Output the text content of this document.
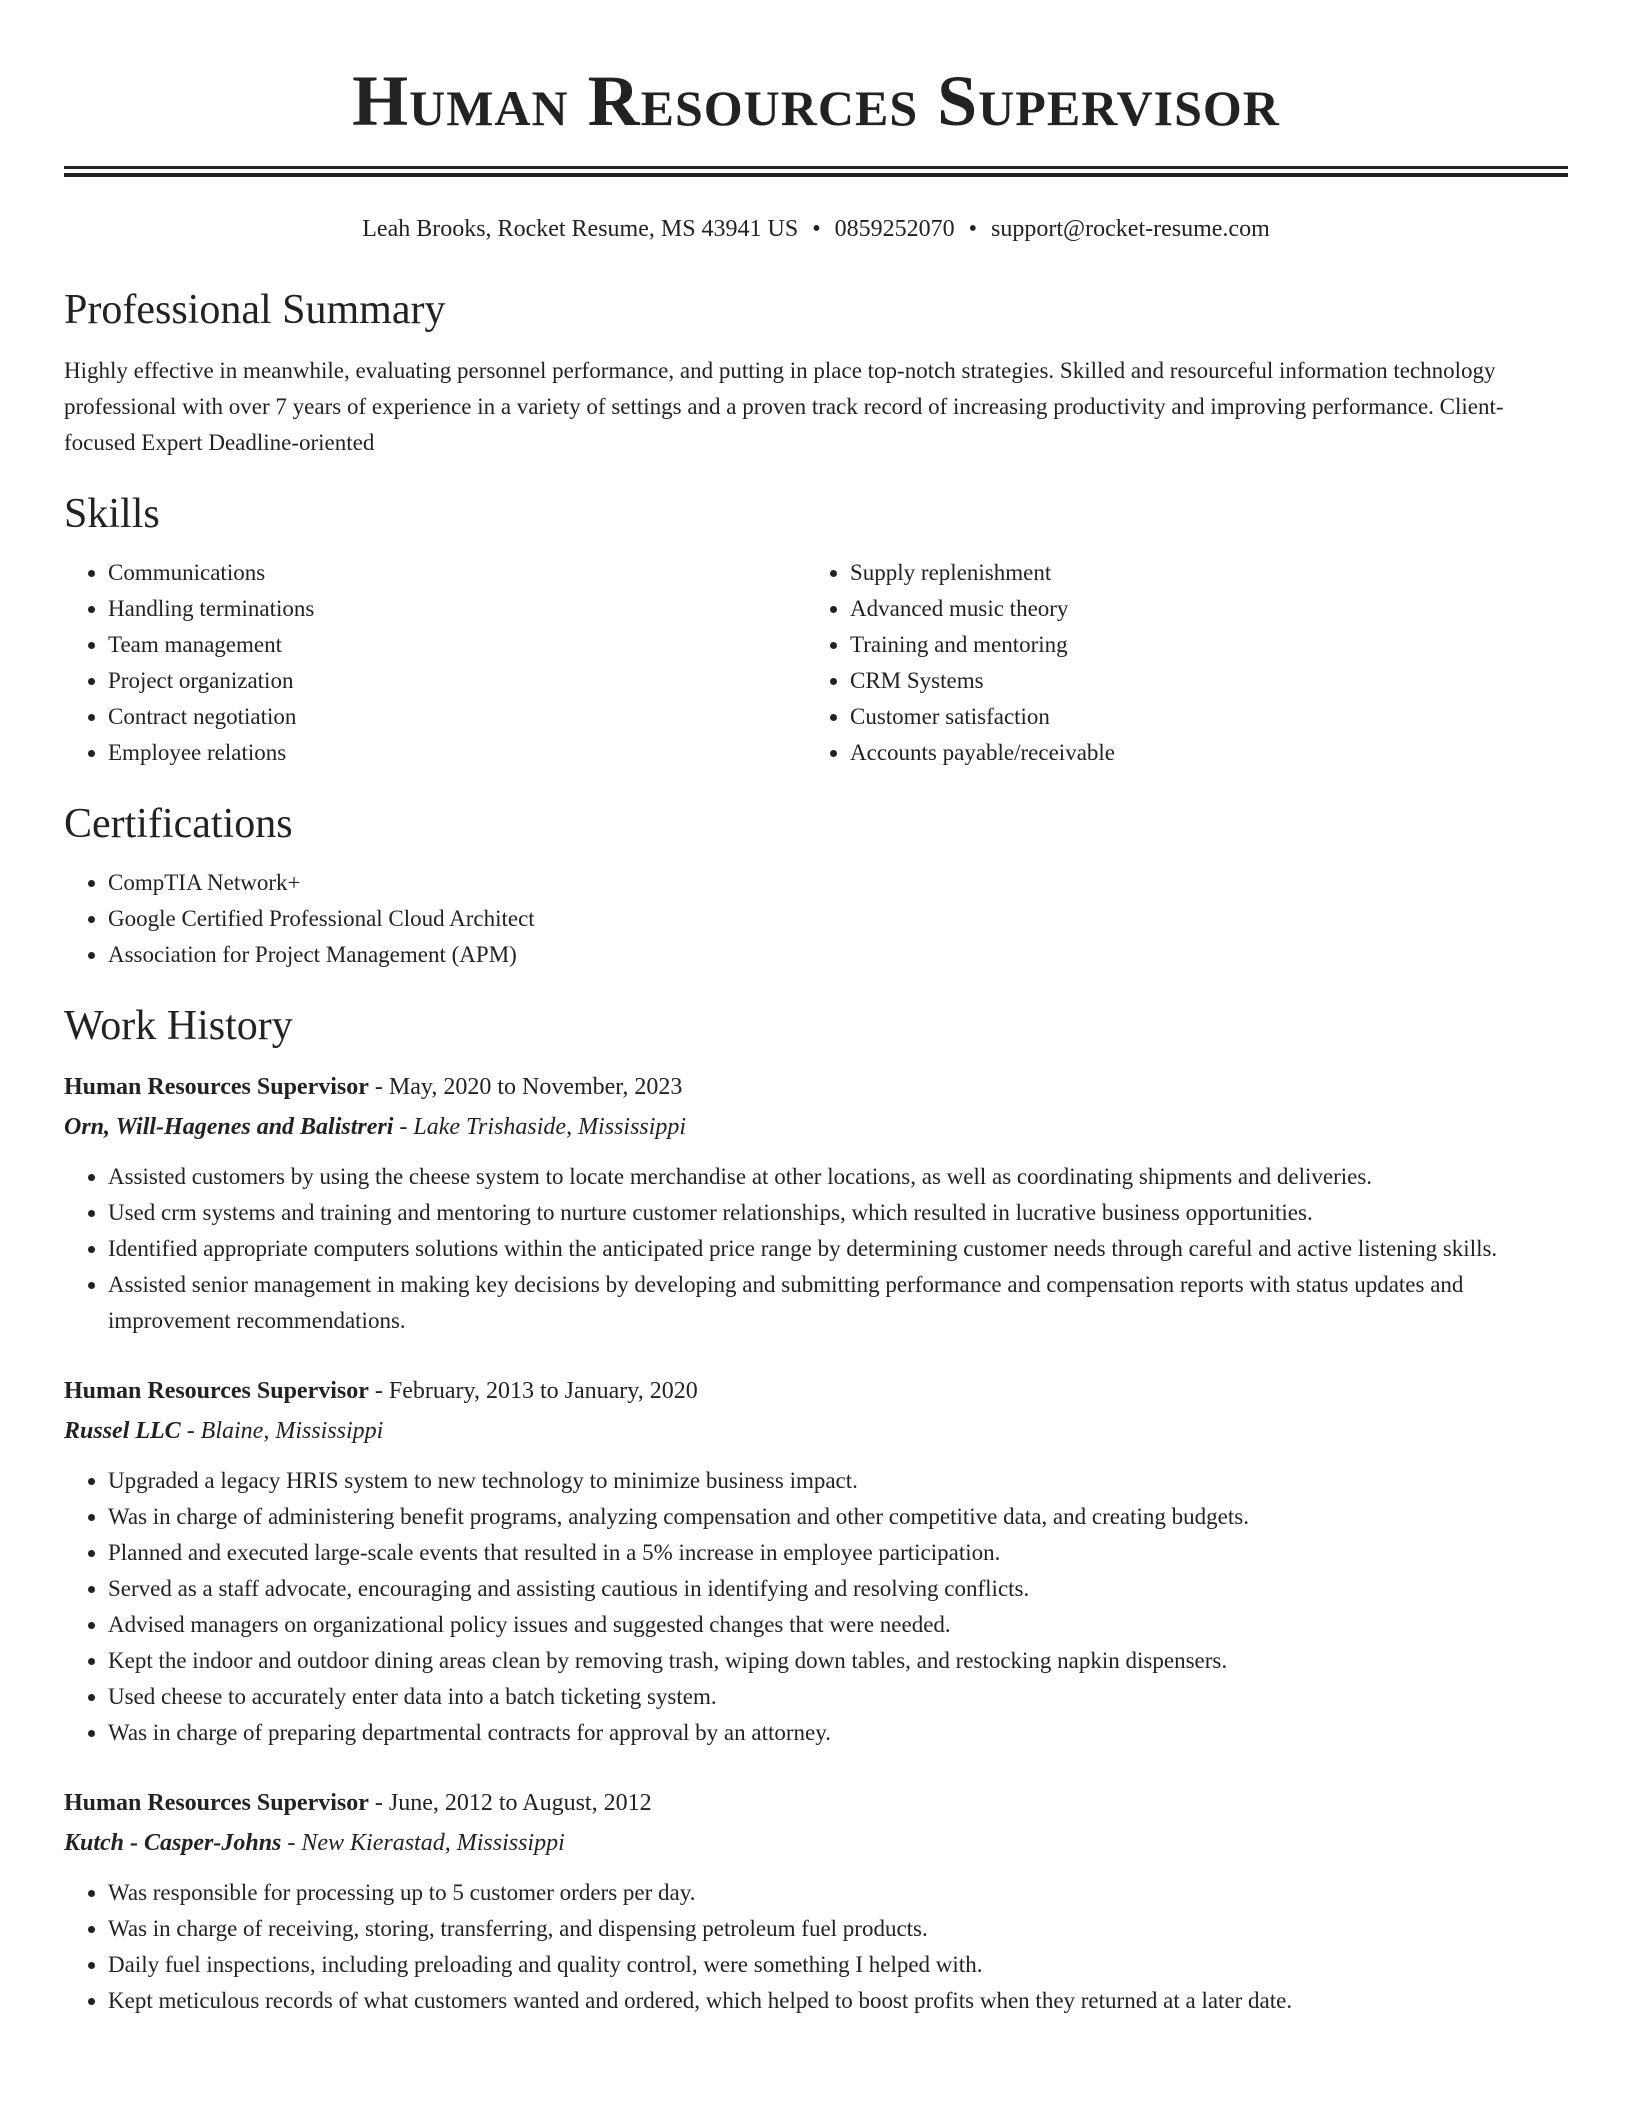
Human Resources Supervisor
Leah Brooks, Rocket Resume, MS 43941 US • 0859252070 • support@rocket-resume.com
Professional Summary

Highly effective in meanwhile, evaluating personnel performance, and putting in place top-notch strategies. Skilled and resourceful information technology professional with over 7 years of experience in a variety of settings and a proven track record of increasing productivity and improving performance. Client-focused Expert Deadline-oriented

Skills
• Communications
• Handling terminations
• Team management
• Project organization
• Contract negotiation
• Employee relations
• Supply replenishment
• Advanced music theory
• Training and mentoring
• CRM Systems
• Customer satisfaction
• Accounts payable/receivable
Certifications
• CompTIA Network+
• Google Certified Professional Cloud Architect
• Association for Project Management (APM)
Work History
Human Resources Supervisor - May, 2020 to November, 2023
Orn, Will-Hagenes and Balistreri - Lake Trishaside, Mississippi
• Assisted customers by using the cheese system to locate merchandise at other locations, as well as coordinating shipments and deliveries.
• Used crm systems and training and mentoring to nurture customer relationships, which resulted in lucrative business opportunities.
• Identified appropriate computers solutions within the anticipated price range by determining customer needs through careful and active listening skills.
• Assisted senior management in making key decisions by developing and submitting performance and compensation reports with status updates and improvement recommendations.
Human Resources Supervisor - February, 2013 to January, 2020
Russel LLC - Blaine, Mississippi
• Upgraded a legacy HRIS system to new technology to minimize business impact.
• Was in charge of administering benefit programs, analyzing compensation and other competitive data, and creating budgets.
• Planned and executed large-scale events that resulted in a 5% increase in employee participation.
• Served as a staff advocate, encouraging and assisting cautious in identifying and resolving conflicts.
• Advised managers on organizational policy issues and suggested changes that were needed.
• Kept the indoor and outdoor dining areas clean by removing trash, wiping down tables, and restocking napkin dispensers.
• Used cheese to accurately enter data into a batch ticketing system.
• Was in charge of preparing departmental contracts for approval by an attorney.
Human Resources Supervisor - June, 2012 to August, 2012
Kutch - Casper-Johns - New Kierastad, Mississippi
• Was responsible for processing up to 5 customer orders per day.
• Was in charge of receiving, storing, transferring, and dispensing petroleum fuel products.
• Daily fuel inspections, including preloading and quality control, were something I helped with.
• Kept meticulous records of what customers wanted and ordered, which helped to boost profits when they returned at a later date.
